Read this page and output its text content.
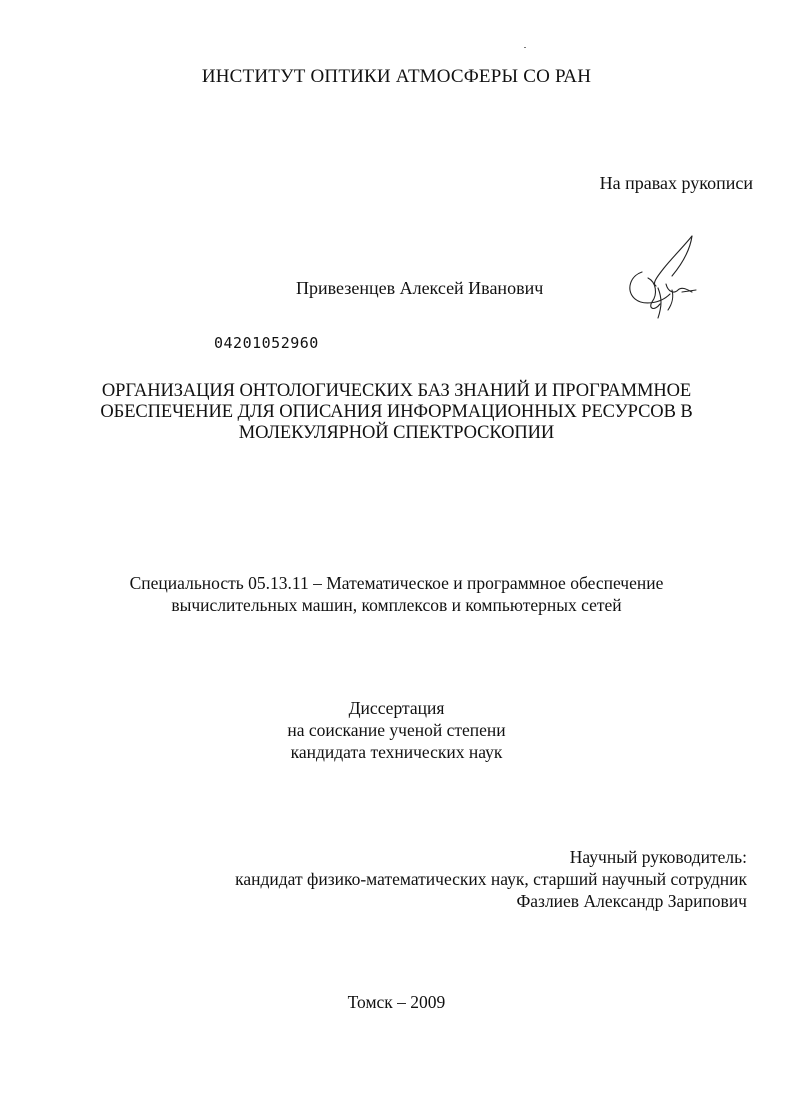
ИНСТИТУТ ОПТИКИ АТМОСФЕРЫ СО РАН
На правах рукописи
Привезенцев Алексей Иванович
04201052960
ОРГАНИЗАЦИЯ ОНТОЛОГИЧЕСКИХ БАЗ ЗНАНИЙ И ПРОГРАММНОЕ
ОБЕСПЕЧЕНИЕ ДЛЯ ОПИСАНИЯ ИНФОРМАЦИОННЫХ РЕСУРСОВ В
МОЛЕКУЛЯРНОЙ СПЕКТРОСКОПИИ
Специальность 05.13.11 – Математическое и программное обеспечение
вычислительных машин, комплексов и компьютерных сетей
Диссертация
на соискание ученой степени
кандидата технических наук
Научный руководитель:
кандидат физико-математических наук, старший научный сотрудник
Фазлиев Александр Зарипович
Томск – 2009
